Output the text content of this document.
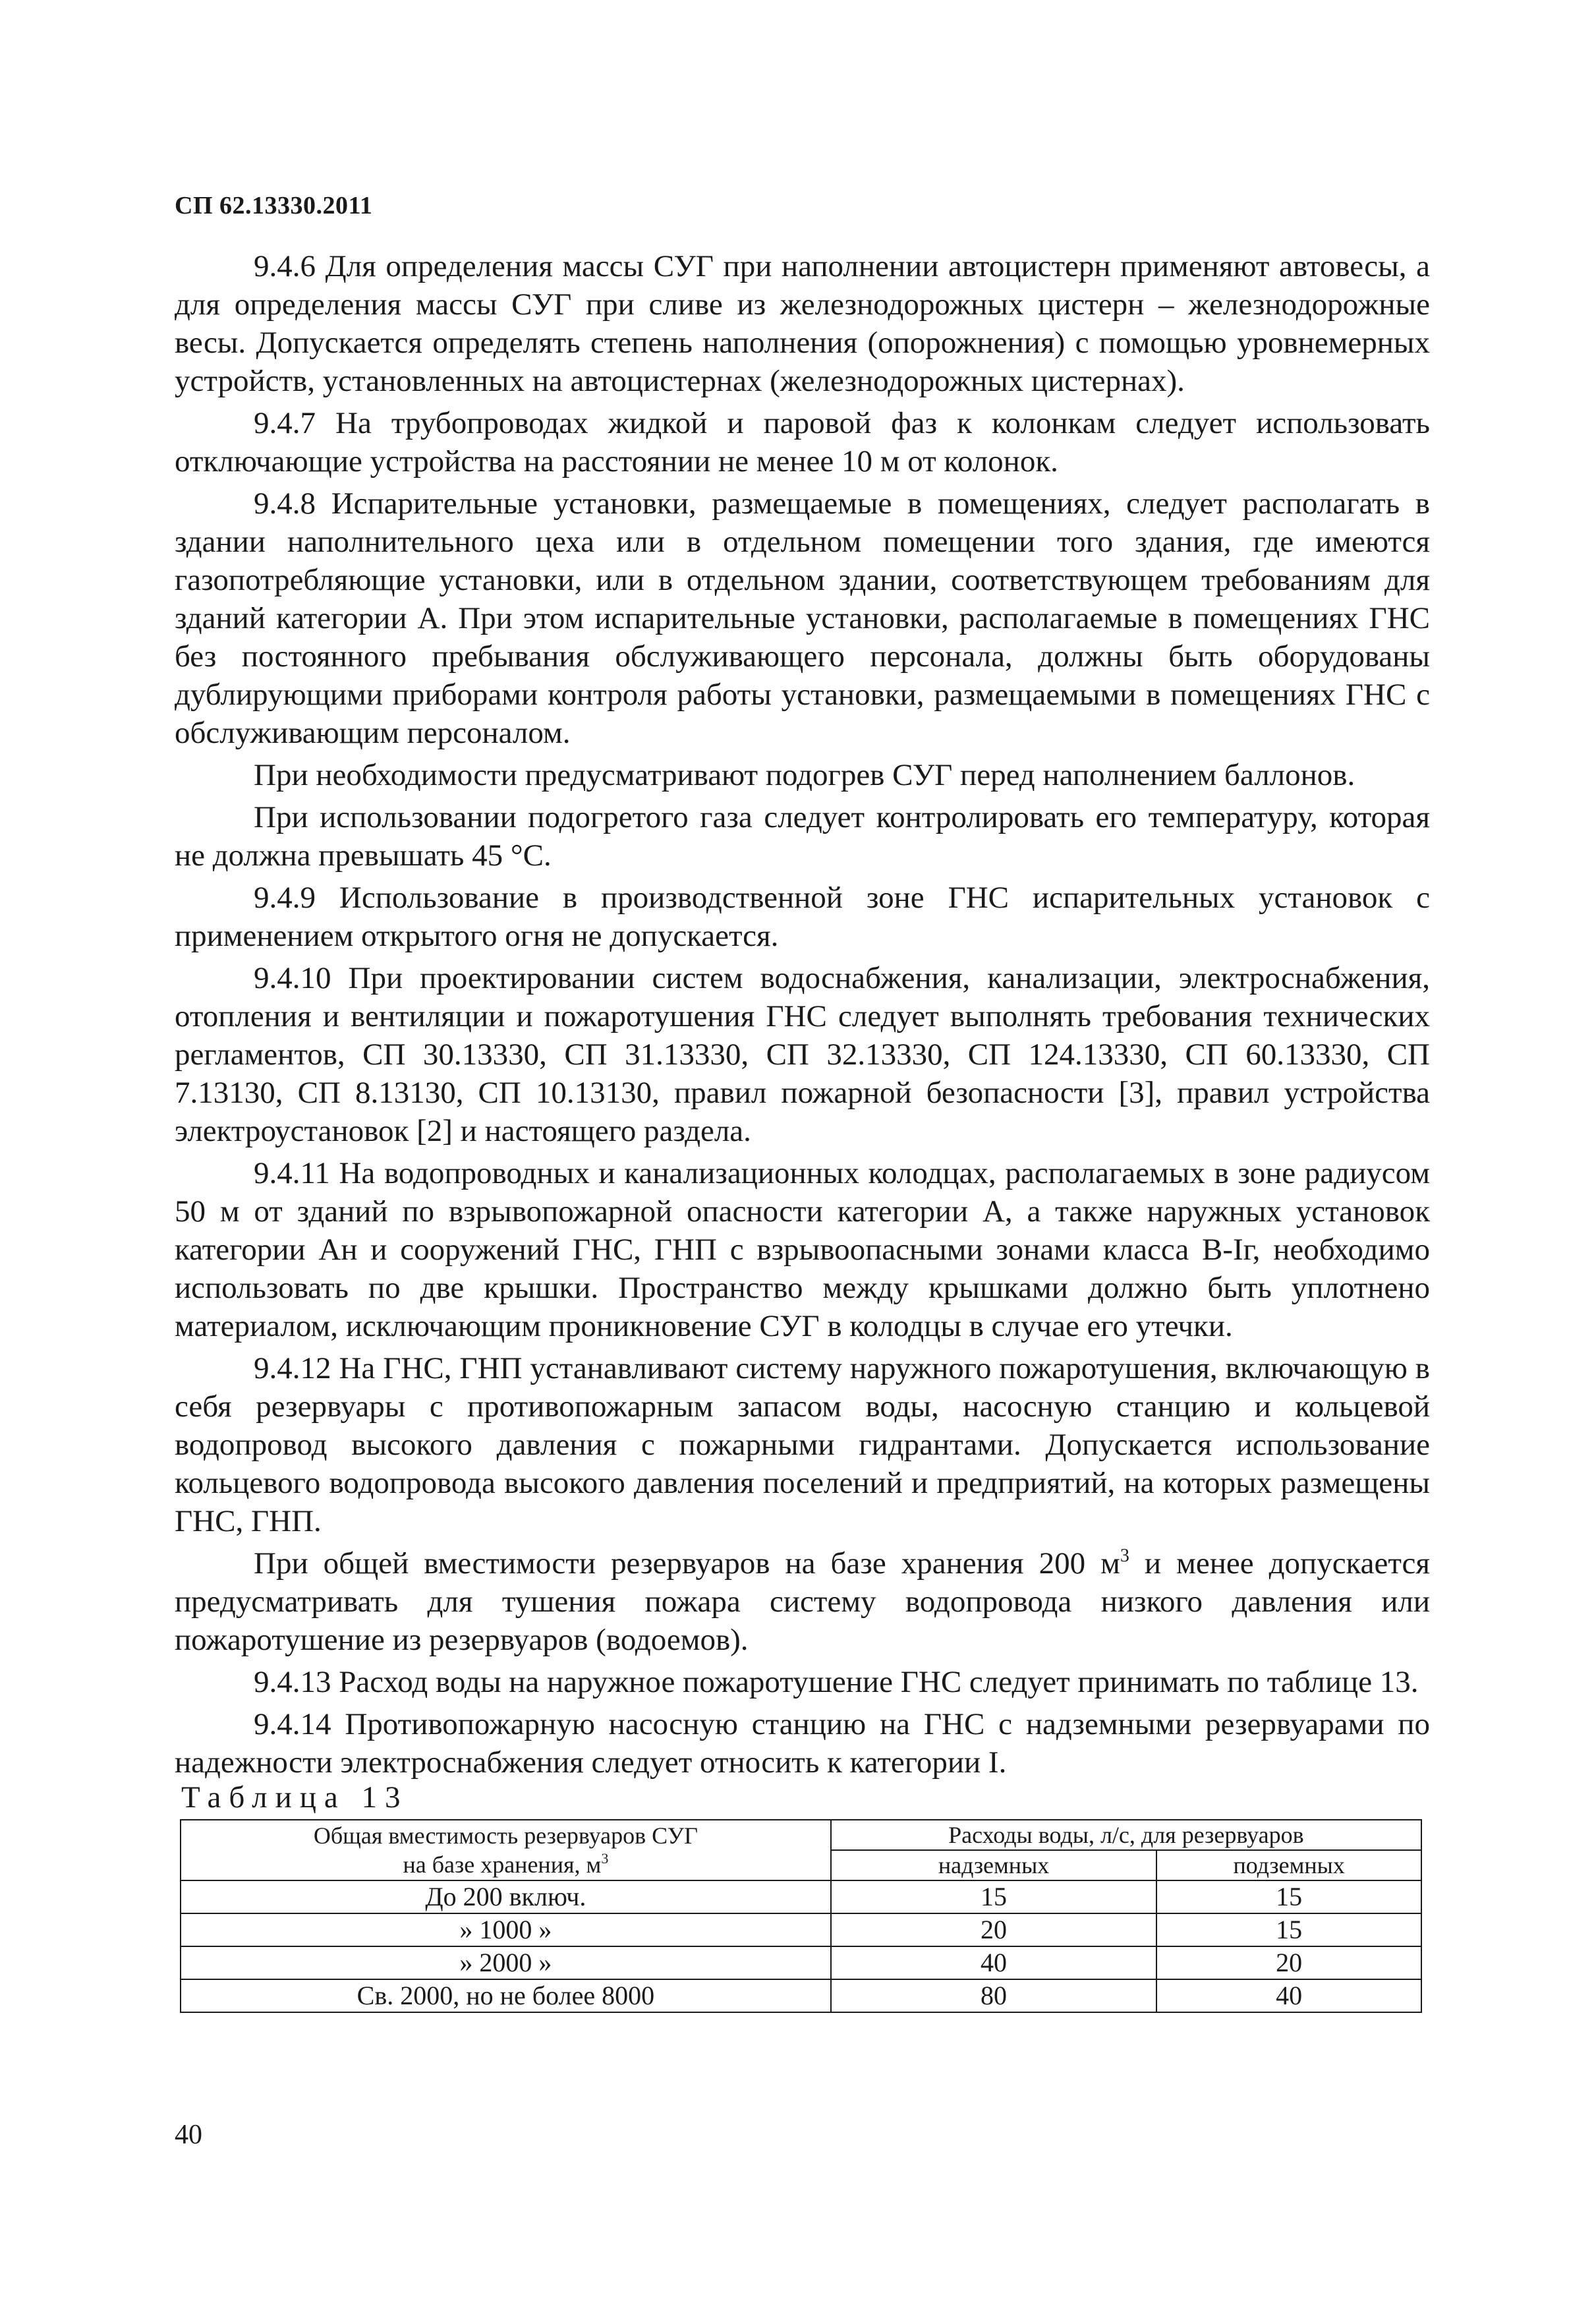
СП 62.13330.2011

9.4.6 Для определения массы СУГ при наполнении автоцистерн применяют автовесы, а для определения массы СУГ при сливе из железнодорожных цистерн – железнодорожные весы. Допускается определять степень наполнения (опорожнения) с помощью уровнемерных устройств, установленных на автоцистернах (железнодорожных цистернах).

9.4.7 На трубопроводах жидкой и паровой фаз к колонкам следует использовать отключающие устройства на расстоянии не менее 10 м от колонок.

9.4.8 Испарительные установки, размещаемые в помещениях, следует располагать в здании наполнительного цеха или в отдельном помещении того здания, где имеются газопотребляющие установки, или в отдельном здании, соответствующем требованиям для зданий категории А. При этом испарительные установки, располагаемые в помещениях ГНС без постоянного пребывания обслуживающего персонала, должны быть оборудованы дублирующими приборами контроля работы установки, размещаемыми в помещениях ГНС с обслуживающим персоналом.

При необходимости предусматривают подогрев СУГ перед наполнением баллонов.

При использовании подогретого газа следует контролировать его температуру, которая не должна превышать 45 °С.

9.4.9 Использование в производственной зоне ГНС испарительных установок с применением открытого огня не допускается.

9.4.10 При проектировании систем водоснабжения, канализации, электроснабжения, отопления и вентиляции и пожаротушения ГНС следует выполнять требования технических регламентов, СП 30.13330, СП 31.13330, СП 32.13330, СП 124.13330, СП 60.13330, СП 7.13130, СП 8.13130, СП 10.13130, правил пожарной безопасности [3], правил устройства электроустановок [2] и настоящего раздела.

9.4.11 На водопроводных и канализационных колодцах, располагаемых в зоне радиусом 50 м от зданий по взрывопожарной опасности категории А, а также наружных установок категории Ан и сооружений ГНС, ГНП с взрывоопасными зонами класса В-Iг, необходимо использовать по две крышки. Пространство между крышками должно быть уплотнено материалом, исключающим проникновение СУГ в колодцы в случае его утечки.

9.4.12 На ГНС, ГНП устанавливают систему наружного пожаротушения, включающую в себя резервуары с противопожарным запасом воды, насосную станцию и кольцевой водопровод высокого давления с пожарными гидрантами. Допускается использование кольцевого водопровода высокого давления поселений и предприятий, на которых размещены ГНС, ГНП.

При общей вместимости резервуаров на базе хранения 200 $м^3$ и менее допускается предусматривать для тушения пожара систему водопровода низкого давления или пожаротушение из резервуаров (водоемов).

9.4.13 Расход воды на наружное пожаротушение ГНС следует принимать по таблице 13.

9.4.14 Противопожарную насосную станцию на ГНС с надземными резервуарами по надежности электроснабжения следует относить к категории I.

Таблица 13
Общая вместимость резервуаров СУГ
на базе хранения, $м^3$	Расходы воды, л/с, для резервуаров	
	надземных	подземных
До 200 включ.	15	15
» 1000 »	20	15
» 2000 »	40	20
Св. 2000, но не более 8000	80	40
40
